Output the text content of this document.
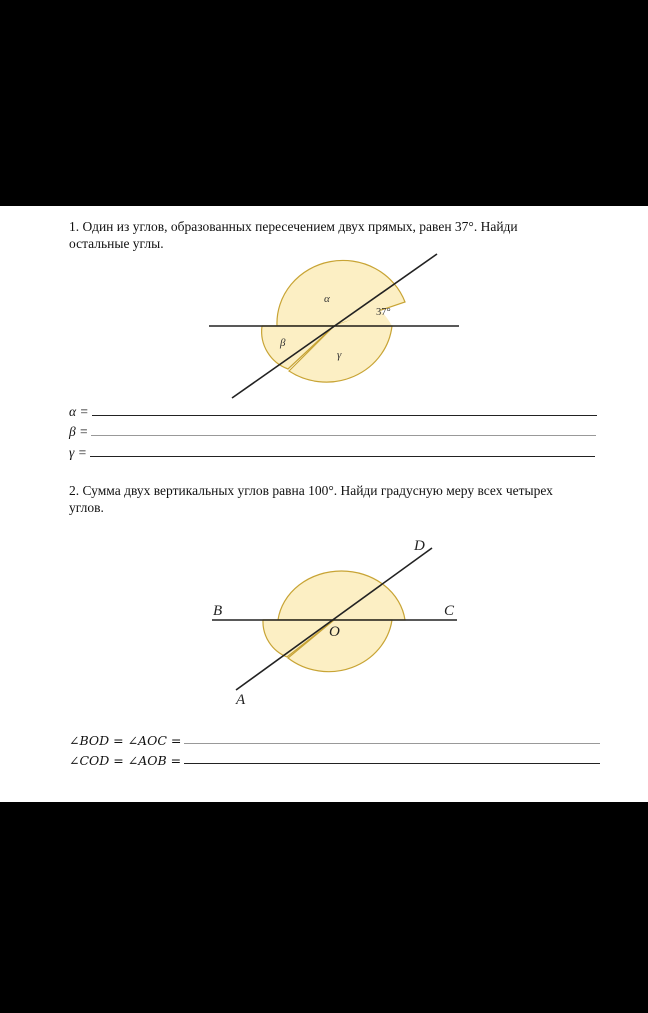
1. Один из углов, образованных пересечением двух прямых, равен 37°. Найди
остальные углы.
α
37°
β
γ
α =
β =
γ =
2. Сумма двух вертикальных углов равна 100°. Найди градусную меру всех четырех
углов.
D
B	C
O
A
∠BOD = ∠AOC =
∠COD = ∠AOB =
